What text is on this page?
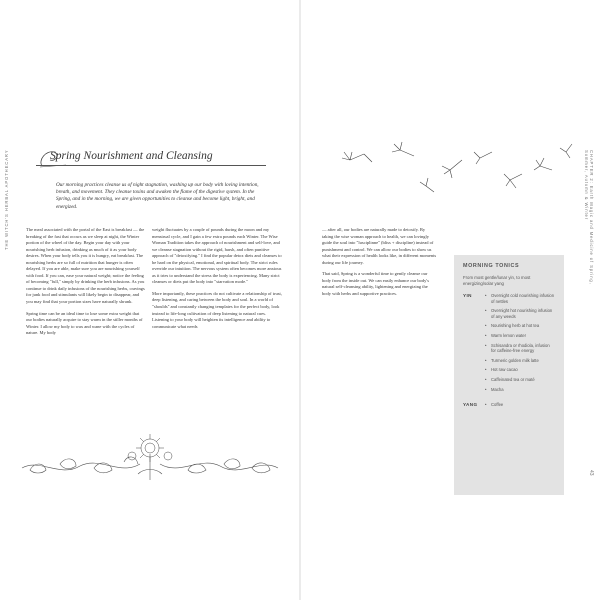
THE WITCH'S HERBAL APOTHECARY	CHAPTER 2: Earth Magic and Medicine of Spring, Summer, Autumn & Winter
43
Spring Nourishment and Cleansing
Our morning practices cleanse us of night stagnation, washing up our body with loving intention, breath, and movement. They cleanse toxins and awaken the flame of the digestive system. In the Spring, and in the morning, we are given opportunities to cleanse and become light, bright, and energized.

The meal associated with the portal of the East is breakfast — the breaking of the fast that occurs as we sleep at night, the Winter portion of the wheel of the day. Begin your day with your nourishing herb infusion, drinking as much of it as your body desires. When your body tells you it is hungry, eat breakfast. The nourishing herbs are so full of nutrition that hunger is often delayed. If you are able, make sure you are nourishing yourself with food. If you can, ease your natural weight; notice the feeling of becoming "full," simply by drinking the herb infusions. As you continue to drink daily infusions of the nourishing herbs, cravings for junk food and stimulants will likely begin to disappear, and you may find that your portion sizes have naturally shrunk.

Spring time can be an ideal time to lose some extra weight that our bodies naturally acquire to stay warm in the stiller months of Winter. I allow my body to wax and wane with the cycles of nature. My body

weight fluctuates by a couple of pounds during the moon and my menstrual cycle, and I gain a few extra pounds each Winter. The Wise Woman Tradition takes the approach of nourishment and self-love, and we cleanse stagnation without the rigid, harsh, and often punitive approach of "detoxifying." I find the popular detox diets and cleanses to be hard on the physical, emotional, and spiritual body. The strict rules override our intuition. The nervous system often becomes more anxious as it tries to understand the stress the body is experiencing. Many strict cleanses or diets put the body into "starvation mode."

More importantly, these practices do not cultivate a relationship of trust, deep listening, and caring between the body and soul. In a world of "shoulds" and constantly changing templates for the perfect body, look instead to life-long cultivation of deep listening to natural cues. Listening to your body will heighten its intelligence and ability to communicate what needs

— after all, our bodies are naturally made to detoxify. By taking the wise woman approach to health, we can lovingly guide the soul into "lusciplinne" (bliss + discipline) instead of punishment and control. We can allow our bodies to show us what their expression of health looks like, in different moments during our life journey.

That said, Spring is a wonderful time to gently cleanse our body from the inside out. We can easily enhance our body's natural self-cleansing ability, lightening and energizing the body with herbs and supportive practices.

MORNING TONICS
From most gentle/lunar yin, to most energizing/solar yang
YIN	•	Overnight cold nourishing infusion of nettles
•	Overnight hot nourishing infusion of any weeds
•	Nourishing herb at hot tea
•	Warm lemon water
•	Schisandra or rhodiola, infusion for caffeine-free energy
•	Turmeric golden milk latte
•	Hot raw cacao
•	Caffeinated tea or maté
•	Macha
YANG	•	Coffee
